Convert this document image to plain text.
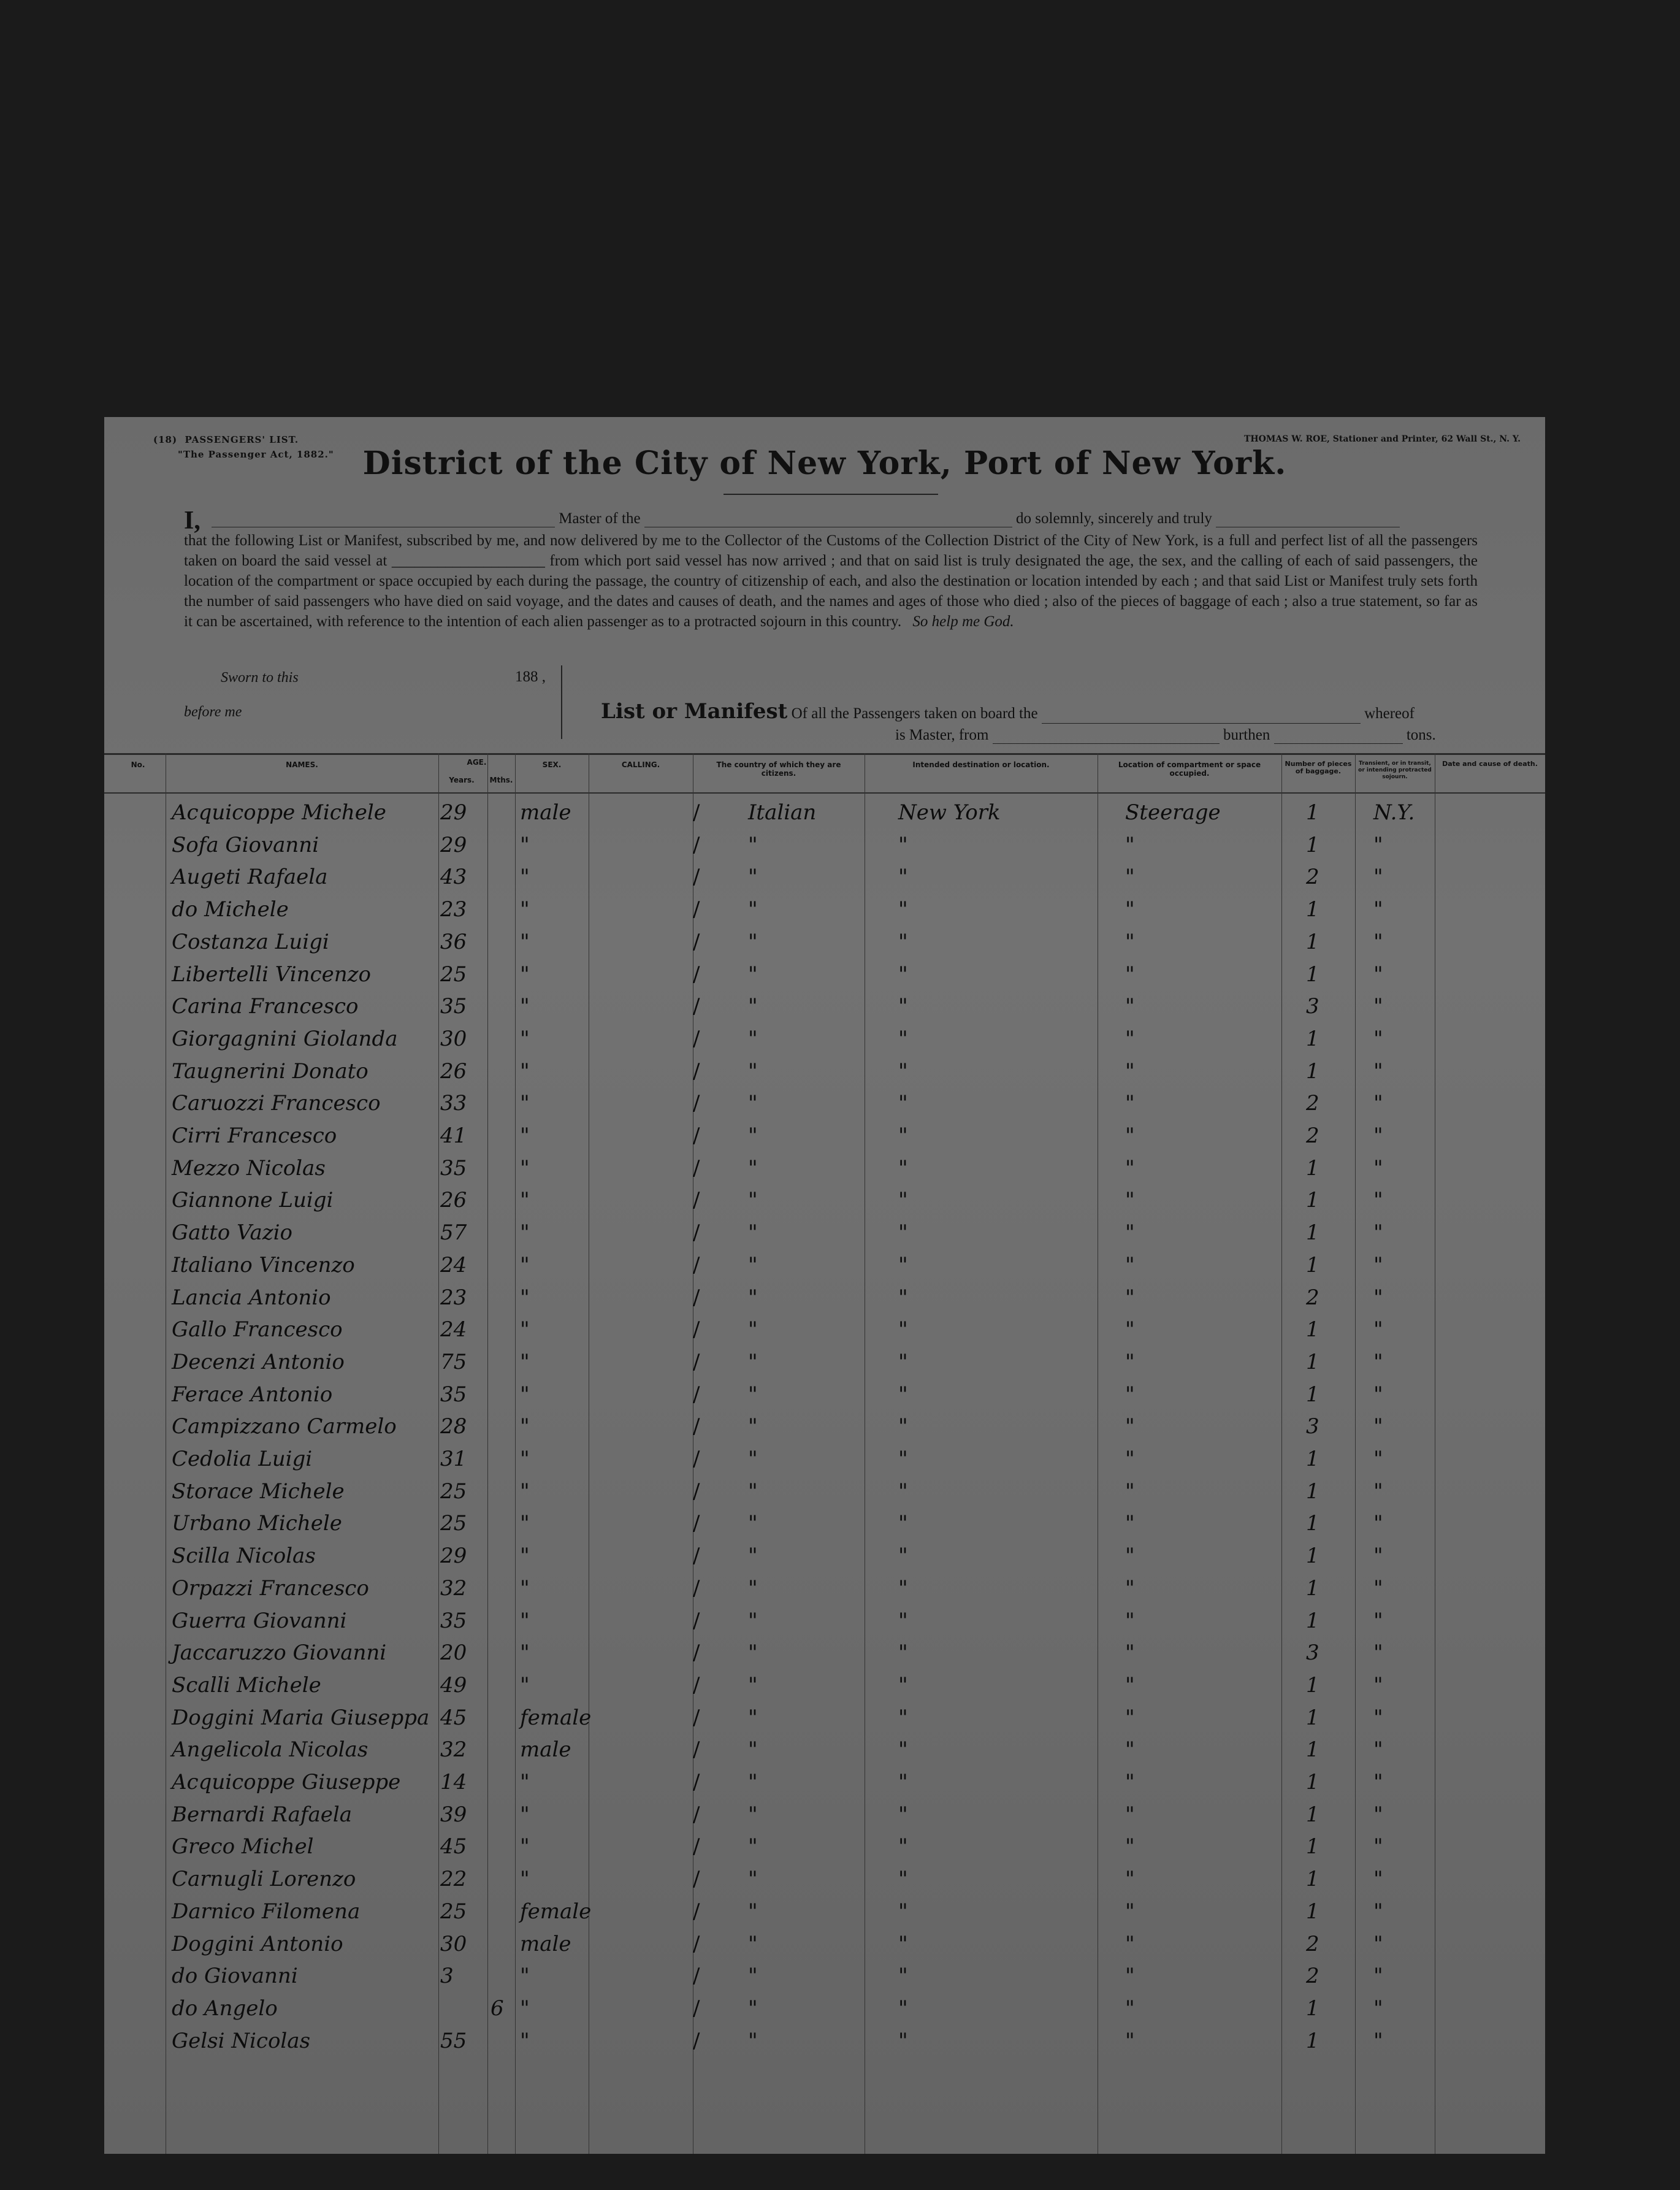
(18) PASSENGERS' LIST.
"The Passenger Act, 1882."
THOMAS W. ROE, Stationer and Printer, 62 Wall St., N. Y.
District of the City of New York, Port of New York.
I,	Master of the	do solemnly, sincerely and truly
that the following List or Manifest, subscribed by me, and now delivered by me to the Collector of the Customs of the Collection District of the City of New York, is a full and perfect list of all the passengers taken on board the said vessel at ____________________ from which port said vessel has now arrived ; and that on said list is truly designated the age, the sex, and the calling of each of said passengers, the location of the compartment or space occupied by each during the passage, the country of citizenship of each, and also the destination or location intended by each ; and that said List or Manifest truly sets forth the number of said passengers who have died on said voyage, and the dates and causes of death, and the names and ages of those who died ; also of the pieces of baggage of each ; also a true statement, so far as it can be ascertained, with reference to the intention of each alien passenger as to a protracted sojourn in this country. So help me God.
Sworn to this
before me
188 ,
List or Manifest Of all the Passengers taken on board the	whereof
is Master, from	burthen	tons.
No.	NAMES.	AGE.
Years.	Mths.
SEX.	CALLING.	The country of which they are citizens.
Intended destination or location.	Location of compartment or space occupied.
Number of pieces of baggage.
Transient, or in transit, or intending protracted sojourn.
Date and cause of death.
Acquicoppe Michele	29	male	/ Italian	New York	Steerage	1	N.Y.
Sofa Giovanni	29	"	/ "	"	"	1	"
Augeti Rafaela	43	"	/ "	"	"	2	"
do Michele	23	"	/ "	"	"	1	"
Costanza Luigi	36	"	/ "	"	"	1	"
Libertelli Vincenzo	25	"	/ "	"	"	1	"
Carina Francesco	35	"	/ "	"	"	3	"
Giorgagnini Giolanda 30	"	/ "	"	"	1	"
Taugnerini Donato	26	"	/ "	"	"	1	"
Caruozzi Francesco	33	"	/ "	"	"	2	"
Cirri Francesco	41	"	/ "	"	"	2	"
Mezzo Nicolas	35	"	/ "	"	"	1	"
Giannone Luigi	26	"	/ "	"	"	1	"
Gatto Vazio	57	"	/ "	"	"	1	"
Italiano Vincenzo	24	"	/ "	"	"	1	"
Lancia Antonio	23	"	/ "	"	"	2	"
Gallo Francesco	24	"	/ "	"	"	1	"
Decenzi Antonio	75	"	/ "	"	"	1	"
Ferace Antonio	35	"	/ "	"	"	1	"
Campizzano Carmelo 28	"	/ "	"	"	3	"
Cedolia Luigi	31	"	/ "	"	"	1	"
Storace Michele	25	"	/ "	"	"	1	"
Urbano Michele	25	"	/ "	"	"	1	"
Scilla Nicolas	29	"	/ "	"	"	1	"
Orpazzi Francesco	32	"	/ "	"	"	1	"
Guerra Giovanni	35	"	/ "	"	"	1	"
Jaccaruzzo Giovanni	20	"	/ "	"	"	3	"
Scalli Michele	49	"	/ "	"	"	1	"
Doggini Maria Giuseppa 45	female	/ "	"	"	1	"
Angelicola Nicolas	32	male	/ "	"	"	1	"
Acquicoppe Giuseppe 14	"	/ "	"	"	1	"
Bernardi Rafaela	39	"	/ "	"	"	1	"
Greco Michel	45	"	/ "	"	"	1	"
Carnugli Lorenzo	22	"	/ "	"	"	1	"
Darnico Filomena	25	female	/ "	"	"	1	"
Doggini Antonio	30	male	/ "	"	"	2	"
do Giovanni	3	"	/ "	"	"	2	"
do Angelo	6 "	/ "	"	"	1	"
Gelsi Nicolas	55	"	/ "	"	"	1	"
